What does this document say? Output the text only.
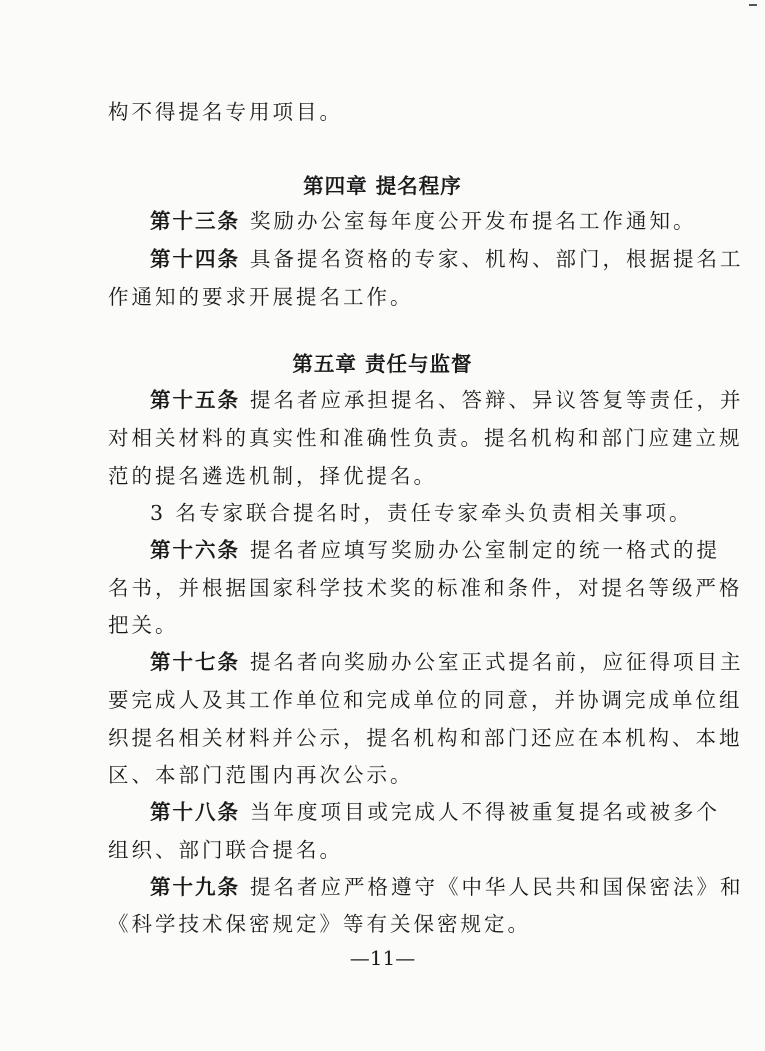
构不得提名专用项目。
第四章 提名程序
第十三条 奖励办公室每年度公开发布提名工作通知。
第十四条 具备提名资格的专家、机构、部门，根据提名工
作通知的要求开展提名工作。
第五章 责任与监督
第十五条 提名者应承担提名、答辩、异议答复等责任，并
对相关材料的真实性和准确性负责。提名机构和部门应建立规
范的提名遴选机制，择优提名。
3 名专家联合提名时，责任专家牵头负责相关事项。
第十六条 提名者应填写奖励办公室制定的统一格式的提
名书，并根据国家科学技术奖的标准和条件，对提名等级严格
把关。
第十七条 提名者向奖励办公室正式提名前，应征得项目主
要完成人及其工作单位和完成单位的同意，并协调完成单位组
织提名相关材料并公示，提名机构和部门还应在本机构、本地
区、本部门范围内再次公示。
第十八条 当年度项目或完成人不得被重复提名或被多个
组织、部门联合提名。
第十九条 提名者应严格遵守《中华人民共和国保密法》和
《科学技术保密规定》等有关保密规定。
—11—
